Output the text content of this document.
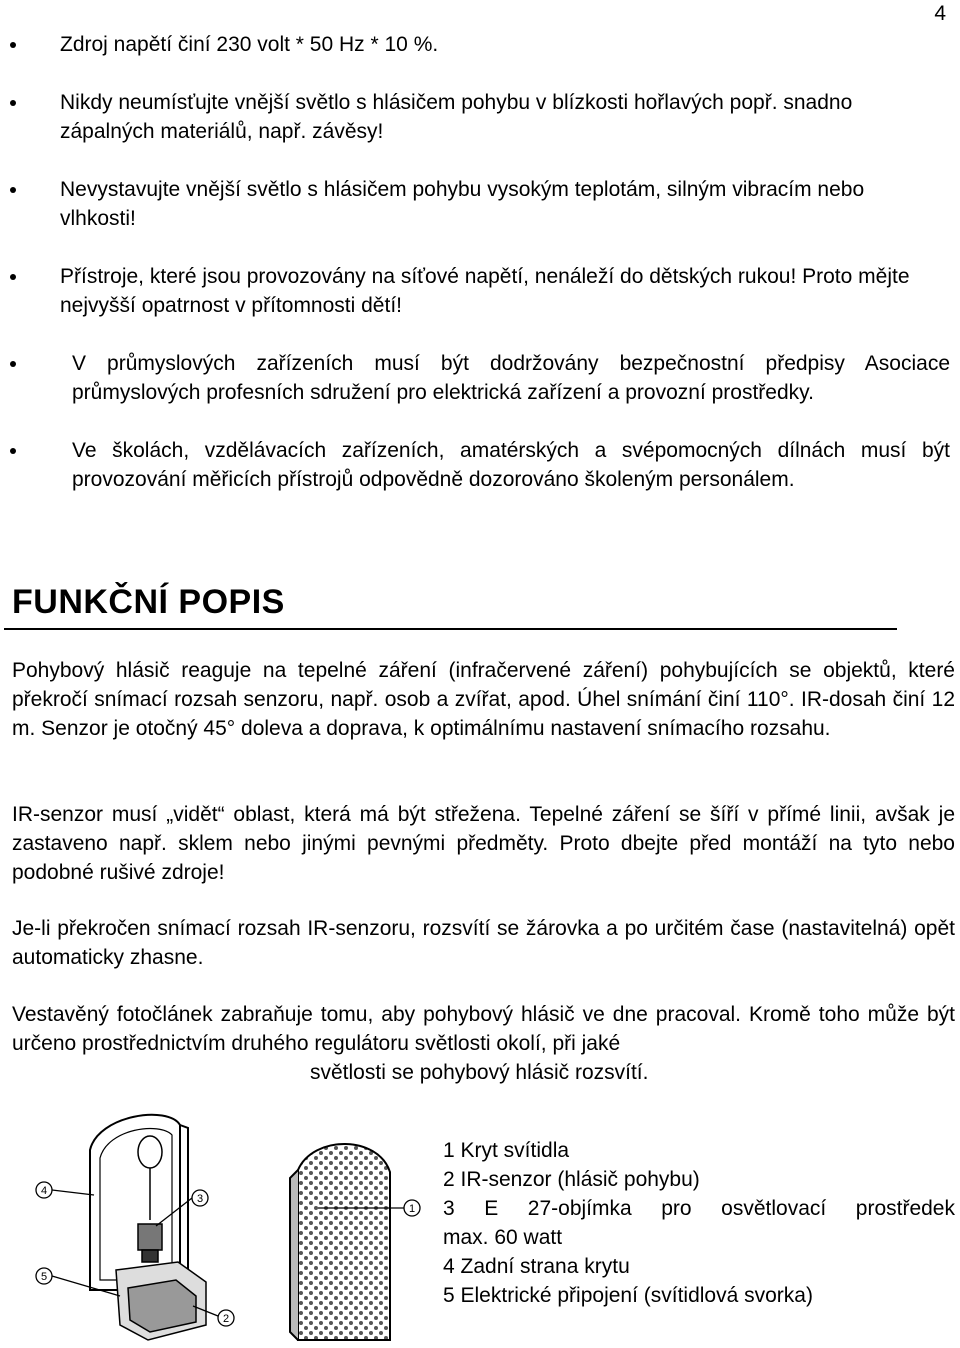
4
Zdroj napětí činí 230 volt * 50 Hz * 10 %.
Nikdy neumísťujte vnější světlo s hlásičem pohybu v blízkosti hořlavých popř. snadno zápalných materiálů, např. závěsy!
Nevystavujte vnější světlo s hlásičem pohybu vysokým teplotám, silným vibracím nebo vlhkosti!
Přístroje, které jsou provozovány na síťové napětí, nenáleží do dětských rukou! Proto mějte nejvyšší opatrnost v přítomnosti dětí!
V průmyslových zařízeních musí být dodržovány bezpečnostní předpisy Asociace průmyslových profesních sdružení pro elektrická zařízení a provozní prostředky.
Ve školách, vzdělávacích zařízeních, amatérských a svépomocných dílnách musí být provozování měřicích přístrojů odpovědně dozorováno školeným personálem.
FUNKČNÍ POPIS

Pohybový hlásič reaguje na tepelné záření (infračervené záření) pohybujících se objektů, které překročí snímací rozsah senzoru, např. osob a zvířat, apod. Úhel snímání činí 110°. IR-dosah činí 12 m. Senzor je otočný 45° doleva a doprava, k optimálnímu nastavení snímacího rozsahu.

IR-senzor musí „vidět“ oblast, která má být střežena. Tepelné záření se šíří v přímé linii, avšak je zastaveno např. sklem nebo jinými pevnými předměty. Proto dbejte před montáží na tyto nebo podobné rušivé zdroje!

Je-li překročen snímací rozsah IR-senzoru, rozsvítí se žárovka a po určitém čase (nastavitelná) opět automaticky zhasne.

Vestavěný fotočlánek zabraňuje tomu, aby pohybový hlásič ve dne pracoval. Kromě toho může být určeno prostřednictvím druhého regulátoru světlosti okolí, při jaké
světlosti se pohybový hlásič rozsvítí.

4
5
3
2
1
1 Kryt svítidla
2 IR-senzor (hlásič pohybu)
3 E 27-objímka pro osvětlovací prostředek
max. 60 watt
4 Zadní strana krytu
5 Elektrické připojení (svítidlová svorka)
